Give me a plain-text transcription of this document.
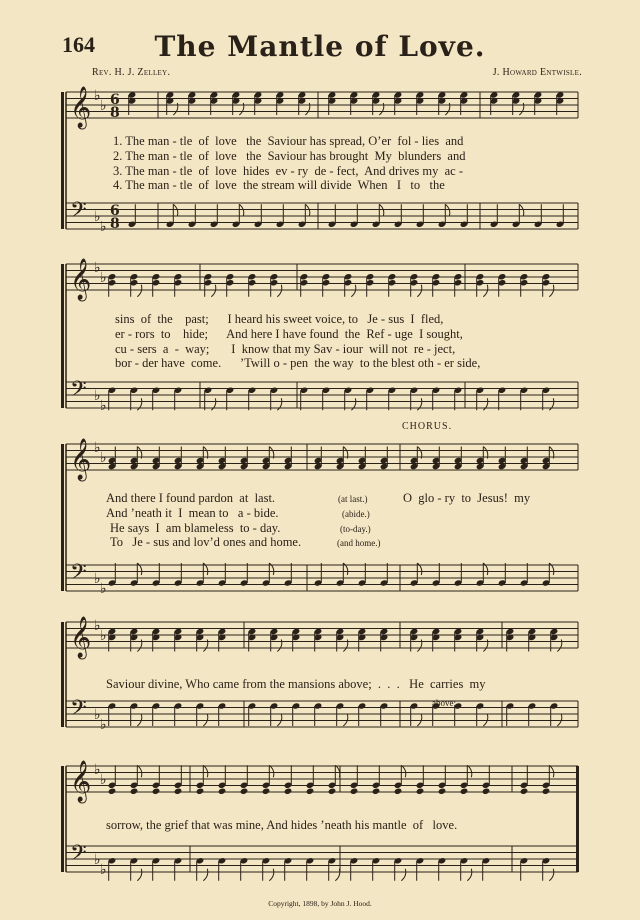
164	The Mantle of Love.
Rev. H. J. Zelley.	J. Howard Entwisle.
𝄞 ♭
♭ 6
8
𝄢 ♭
♭
6
8
𝄞 ♭
♭
𝄢 ♭
♭
𝄞 ♭
♭
𝄢 ♭
♭
𝄞 ♭
♭
𝄢 ♭
♭
𝄞 ♭
♭
𝄢 ♭
♭
1. The man - tle  of  love   the  Saviour has spread, O’er  fol - lies  and
2. The man - tle  of  love   the  Saviour has brought  My  blunders  and
3. The man - tle  of  love  hides  ev - ry  de - fect,  And drives my  ac -
4. The man - tle  of  love  the stream will divide  When   I   to   the
sins  of  the    past;      I heard his sweet voice, to   Je - sus  I  fled,
er - rors  to    hide;      And here I have found  the  Ref - uge  I sought,
cu - sers  a  -  way;       I  know that my Sav - iour  will not  re - ject,
bor - der have  come.      ’Twill o - pen  the way  to the blest oth - er side,
CHORUS.
And there I found pardon  at  last.
And ’neath it  I  mean to   a - bide.
He says  I  am blameless  to - day.
To   Je - sus and lov’d ones and home.
(at last.)
(abide.)
(to-day.)
(and home.)
O  glo - ry  to  Jesus!  my
Saviour divine, Who came from the mansions above;  .  .  .   He  carries  my
above;
sorrow, the grief that was mine, And hides ’neath his mantle  of   love.
Copyright, 1898, by John J. Hood.
